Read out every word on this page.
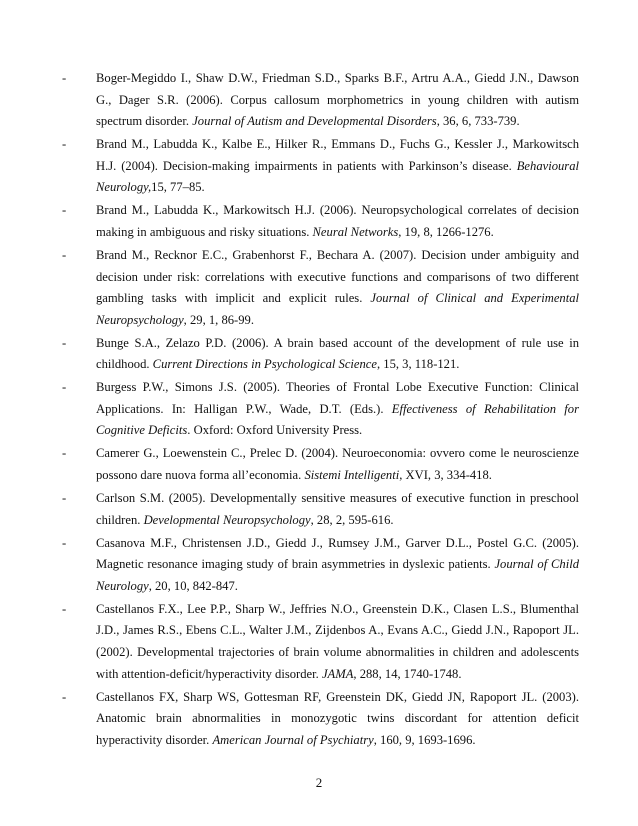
-	Boger-Megiddo I., Shaw D.W., Friedman S.D., Sparks B.F., Artru A.A., Giedd J.N., Dawson G., Dager S.R. (2006). Corpus callosum morphometrics in young children with autism spectrum disorder. Journal of Autism and Developmental Disorders, 36, 6, 733-739.
-	Brand M., Labudda K., Kalbe E., Hilker R., Emmans D., Fuchs G., Kessler J., Markowitsch H.J. (2004). Decision-making impairments in patients with Parkinson’s disease. Behavioural Neurology,15, 77–85.
-	Brand M., Labudda K., Markowitsch H.J. (2006). Neuropsychological correlates of decision making in ambiguous and risky situations. Neural Networks, 19, 8, 1266-1276.
-	Brand M., Recknor E.C., Grabenhorst F., Bechara A. (2007). Decision under ambiguity and decision under risk: correlations with executive functions and comparisons of two different gambling tasks with implicit and explicit rules. Journal of Clinical and Experimental Neuropsychology, 29, 1, 86-99.
-	Bunge S.A., Zelazo P.D. (2006). A brain based account of the development of rule use in childhood. Current Directions in Psychological Science, 15, 3, 118-121.
-	Burgess P.W., Simons J.S. (2005). Theories of Frontal Lobe Executive Function: Clinical Applications. In: Halligan P.W., Wade, D.T. (Eds.). Effectiveness of Rehabilitation for Cognitive Deficits. Oxford: Oxford University Press.
-	Camerer G., Loewenstein C., Prelec D. (2004). Neuroeconomia: ovvero come le neuroscienze possono dare nuova forma all’economia. Sistemi Intelligenti, XVI, 3, 334-418.
-	Carlson S.M. (2005). Developmentally sensitive measures of executive function in preschool children. Developmental Neuropsychology, 28, 2, 595-616.
-	Casanova M.F., Christensen J.D., Giedd J., Rumsey J.M., Garver D.L., Postel G.C. (2005). Magnetic resonance imaging study of brain asymmetries in dyslexic patients. Journal of Child Neurology, 20, 10, 842-847.
-	Castellanos F.X., Lee P.P., Sharp W., Jeffries N.O., Greenstein D.K., Clasen L.S., Blumenthal J.D., James R.S., Ebens C.L., Walter J.M., Zijdenbos A., Evans A.C., Giedd J.N., Rapoport JL. (2002). Developmental trajectories of brain volume abnormalities in children and adolescents with attention-deficit/hyperactivity disorder. JAMA, 288, 14, 1740-1748.
-	Castellanos FX, Sharp WS, Gottesman RF, Greenstein DK, Giedd JN, Rapoport JL. (2003). Anatomic brain abnormalities in monozygotic twins discordant for attention deficit hyperactivity disorder. American Journal of Psychiatry, 160, 9, 1693-1696.
2
